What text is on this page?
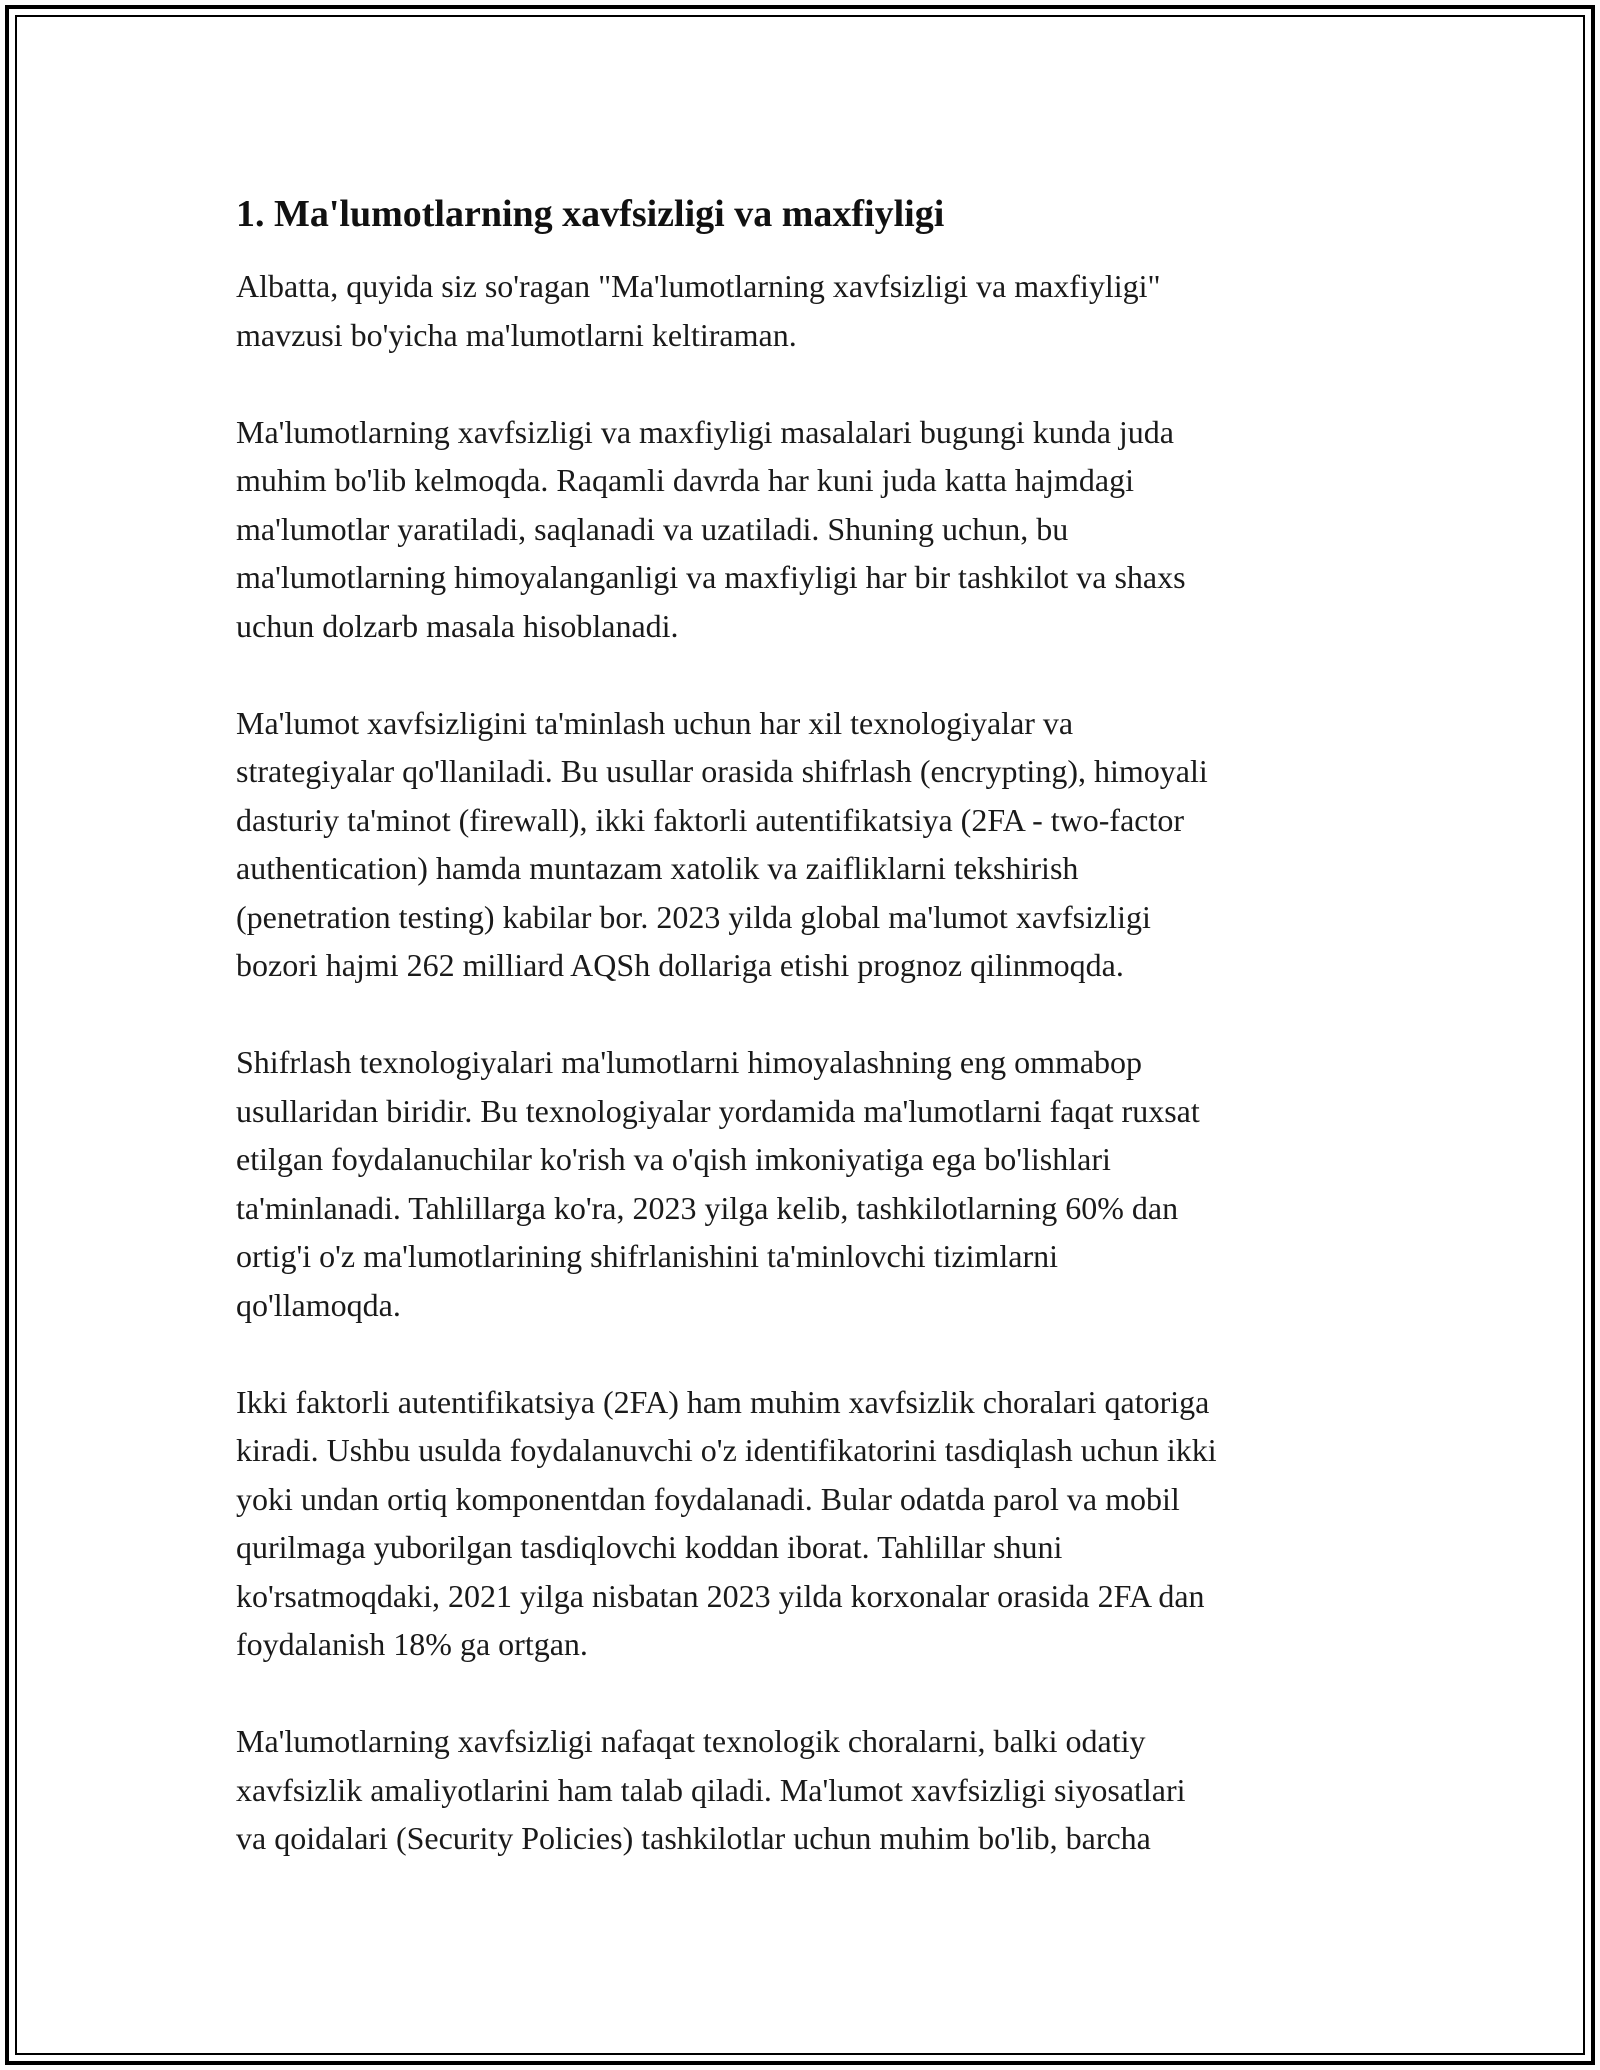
1. Ma'lumotlarning xavfsizligi va maxfiyligi

Albatta, quyida siz so'ragan "Ma'lumotlarning xavfsizligi va maxfiyligi"
mavzusi bo'yicha ma'lumotlarni keltiraman.

Ma'lumotlarning xavfsizligi va maxfiyligi masalalari bugungi kunda juda
muhim bo'lib kelmoqda. Raqamli davrda har kuni juda katta hajmdagi
ma'lumotlar yaratiladi, saqlanadi va uzatiladi. Shuning uchun, bu
ma'lumotlarning himoyalanganligi va maxfiyligi har bir tashkilot va shaxs
uchun dolzarb masala hisoblanadi.

Ma'lumot xavfsizligini ta'minlash uchun har xil texnologiyalar va
strategiyalar qo'llaniladi. Bu usullar orasida shifrlash (encrypting), himoyali
dasturiy ta'minot (firewall), ikki faktorli autentifikatsiya (2FA - two-factor
authentication) hamda muntazam xatolik va zaifliklarni tekshirish
(penetration testing) kabilar bor. 2023 yilda global ma'lumot xavfsizligi
bozori hajmi 262 milliard AQSh dollariga etishi prognoz qilinmoqda.

Shifrlash texnologiyalari ma'lumotlarni himoyalashning eng ommabop
usullaridan biridir. Bu texnologiyalar yordamida ma'lumotlarni faqat ruxsat
etilgan foydalanuchilar ko'rish va o'qish imkoniyatiga ega bo'lishlari
ta'minlanadi. Tahlillarga ko'ra, 2023 yilga kelib, tashkilotlarning 60% dan
ortig'i o'z ma'lumotlarining shifrlanishini ta'minlovchi tizimlarni
qo'llamoqda.

Ikki faktorli autentifikatsiya (2FA) ham muhim xavfsizlik choralari qatoriga
kiradi. Ushbu usulda foydalanuvchi o'z identifikatorini tasdiqlash uchun ikki
yoki undan ortiq komponentdan foydalanadi. Bular odatda parol va mobil
qurilmaga yuborilgan tasdiqlovchi koddan iborat. Tahlillar shuni
ko'rsatmoqdaki, 2021 yilga nisbatan 2023 yilda korxonalar orasida 2FA dan
foydalanish 18% ga ortgan.

Ma'lumotlarning xavfsizligi nafaqat texnologik choralarni, balki odatiy
xavfsizlik amaliyotlarini ham talab qiladi. Ma'lumot xavfsizligi siyosatlari
va qoidalari (Security Policies) tashkilotlar uchun muhim bo'lib, barcha
